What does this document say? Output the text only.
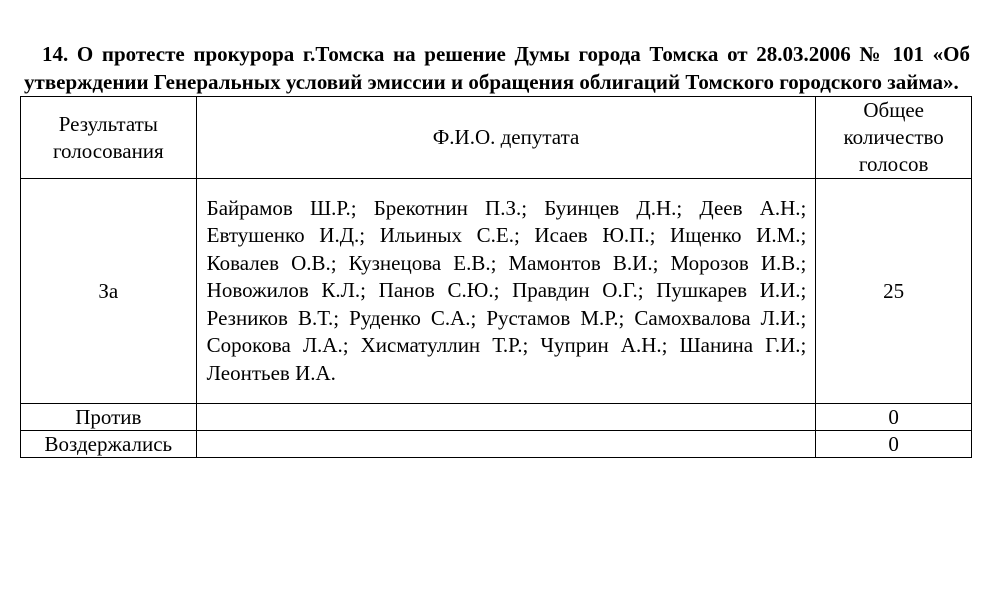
14. О протесте прокурора г.Томска на решение Думы города Томска от 28.03.2006 № 101 «Об утверждении Генеральных условий эмиссии и обращения облигаций Томского городского займа».

Результаты голосования	Ф.И.О. депутата	Общее количество голосов
За	Байрамов Ш.Р.; Брекотнин П.З.; Буинцев Д.Н.; Деев А.Н.; Евтушенко И.Д.; Ильиных С.Е.; Исаев Ю.П.; Ищенко И.М.; Ковалев О.В.; Кузнецова Е.В.; Мамонтов В.И.; Морозов И.В.; Новожилов К.Л.; Панов С.Ю.; Правдин О.Г.; Пушкарев И.И.; Резников В.Т.; Руденко С.А.; Рустамов М.Р.; Самохвалова Л.И.; Сорокова Л.А.; Хисматуллин Т.Р.; Чуприн А.Н.; Шанина Г.И.; Леонтьев И.А.	25
Против		0
Воздержались		0
